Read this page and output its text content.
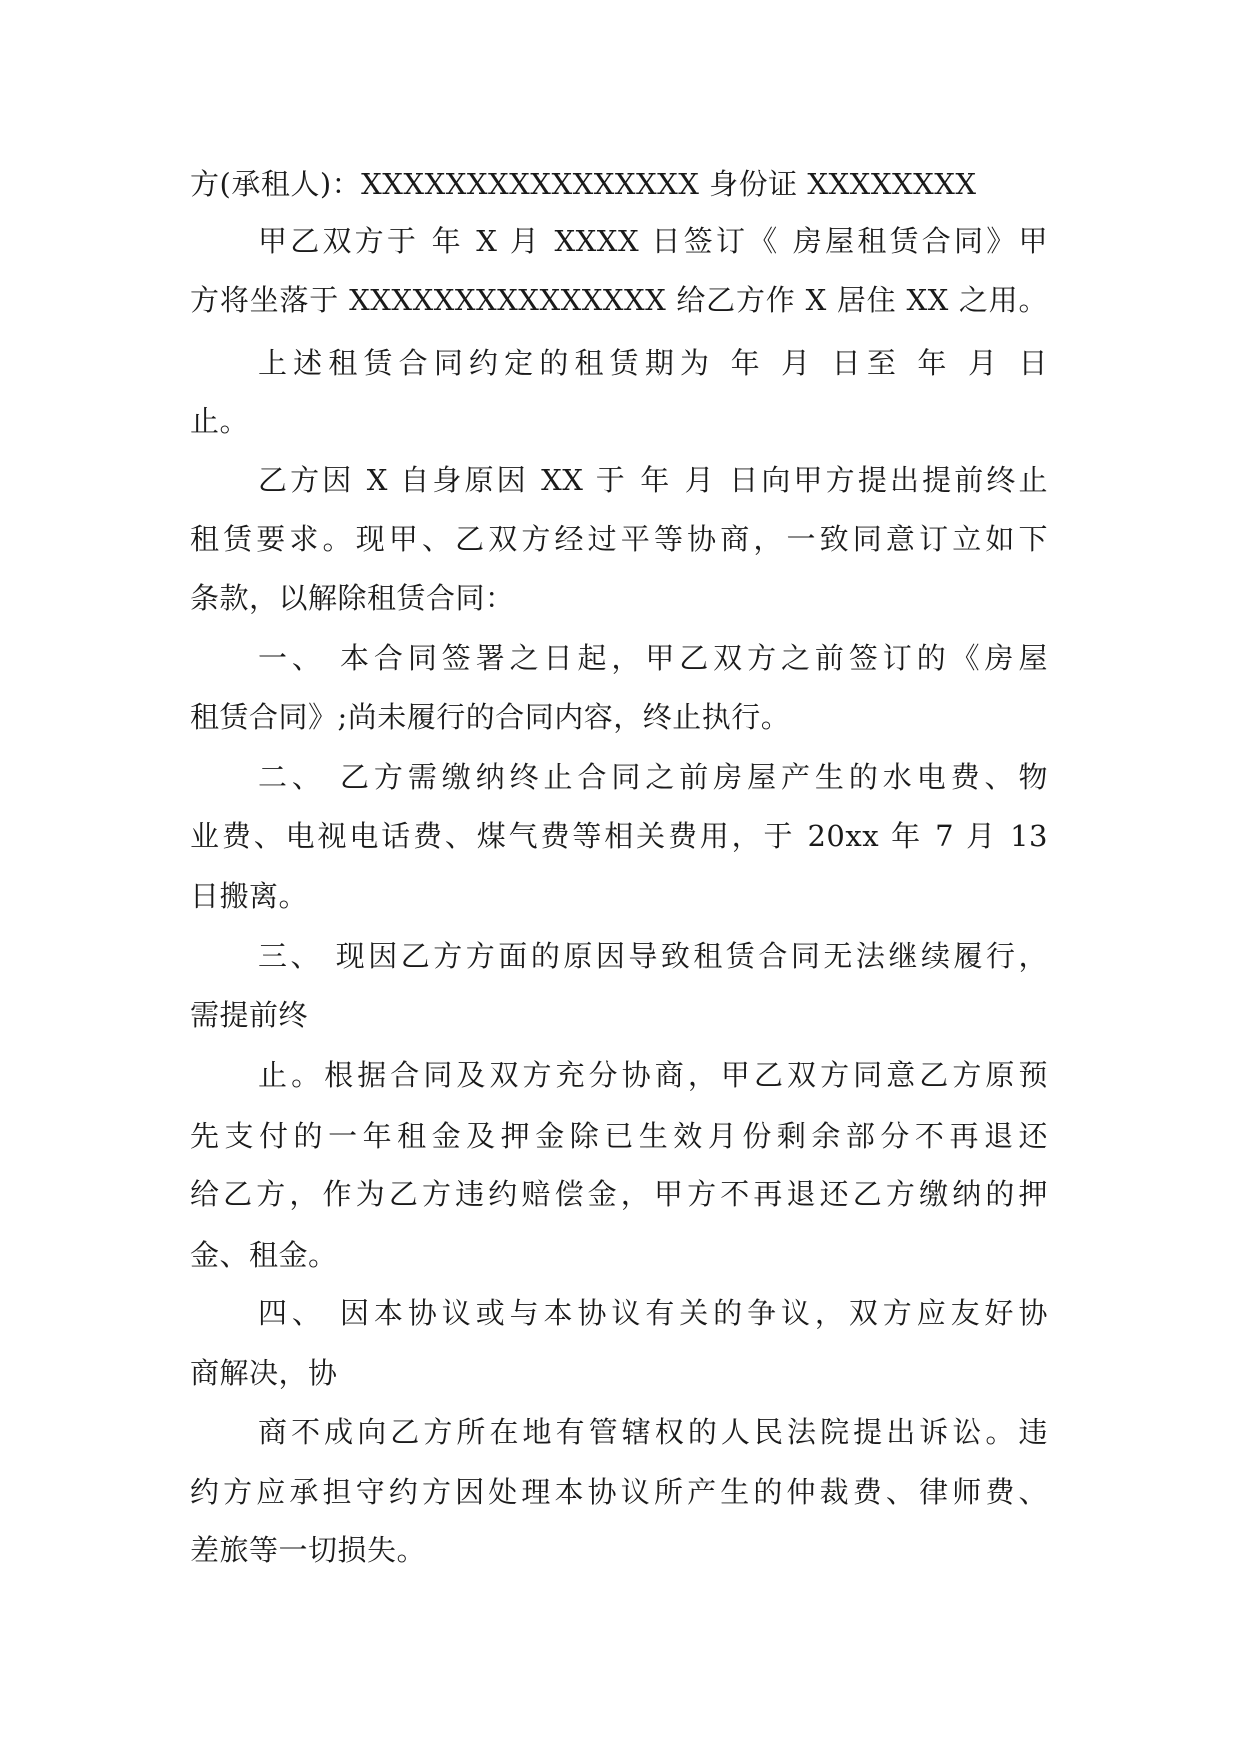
方(承租人)：XXXXXXXXXXXXXXXX 身份证 XXXXXXXX

甲乙双方于 年 X 月 XXXX 日签订《 房屋租赁合同》甲

方将坐落于 XXXXXXXXXXXXXXX 给乙方作 X 居住 XX 之用。

上述租赁合同约定的租赁期为 年 月 日至 年 月 日

止。

乙方因 X 自身原因 XX 于 年 月 日向甲方提出提前终止

租赁要求。现甲、乙双方经过平等协商，一致同意订立如下

条款，以解除租赁合同：

一、 本合同签署之日起，甲乙双方之前签订的《房屋

租赁合同》;尚未履行的合同内容，终止执行。

二、 乙方需缴纳终止合同之前房屋产生的水电费、物

业费、电视电话费、煤气费等相关费用，于 20xx 年 7 月 13

日搬离。

三、 现因乙方方面的原因导致租赁合同无法继续履行，

需提前终

止。根据合同及双方充分协商，甲乙双方同意乙方原预

先支付的一年租金及押金除已生效月份剩余部分不再退还

给乙方，作为乙方违约赔偿金，甲方不再退还乙方缴纳的押

金、租金。

四、 因本协议或与本协议有关的争议，双方应友好协

商解决，协

商不成向乙方所在地有管辖权的人民法院提出诉讼。违

约方应承担守约方因处理本协议所产生的仲裁费、律师费、

差旅等一切损失。
